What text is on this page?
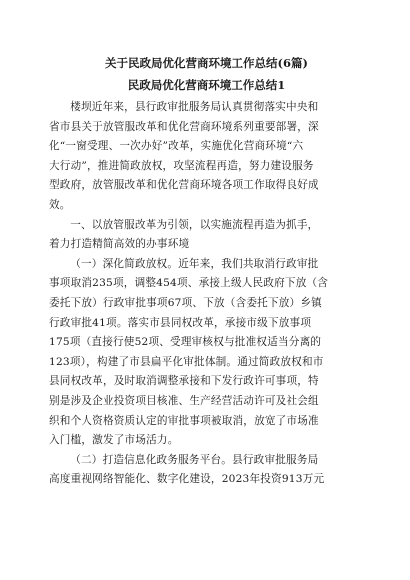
关于民政局优化营商环境工作总结(6篇)
民政局优化营商环境工作总结1

楼坝近年来，县行政审批服务局认真贯彻落实中央和
省市县关于放管服改革和优化营商环境系列重要部署，深
化“一窗受理、一次办好”改革，实施优化营商环境“六
大行动”，推进简政放权，攻坚流程再造，努力建设服务
型政府，放管服改革和优化营商环境各项工作取得良好成
效。

一、以放管服改革为引领，以实施流程再造为抓手，
着力打造精简高效的办事环境

（一）深化简政放权。近年来，我们共取消行政审批
事项取消235项，调整454项、承接上级人民政府下放（含
委托下放）行政审批事项67项、下放（含委托下放）乡镇
行政审批41项。落实市县同权改革，承接市级下放事项
175项（直接行使52项、受理审核权与批准权适当分离的
123项），构建了市县扁平化审批体制。通过简政放权和市
县同权改革，及时取消调整承接和下发行政许可事项，特
别是涉及企业投资项目核准、生产经营活动许可及社会组
织和个人资格资质认定的审批事项被取消，放宽了市场准
入门槛，激发了市场活力。

（二）打造信息化政务服务平台。县行政审批服务局
高度重视网络智能化、数字化建设，2023年投资913万元
